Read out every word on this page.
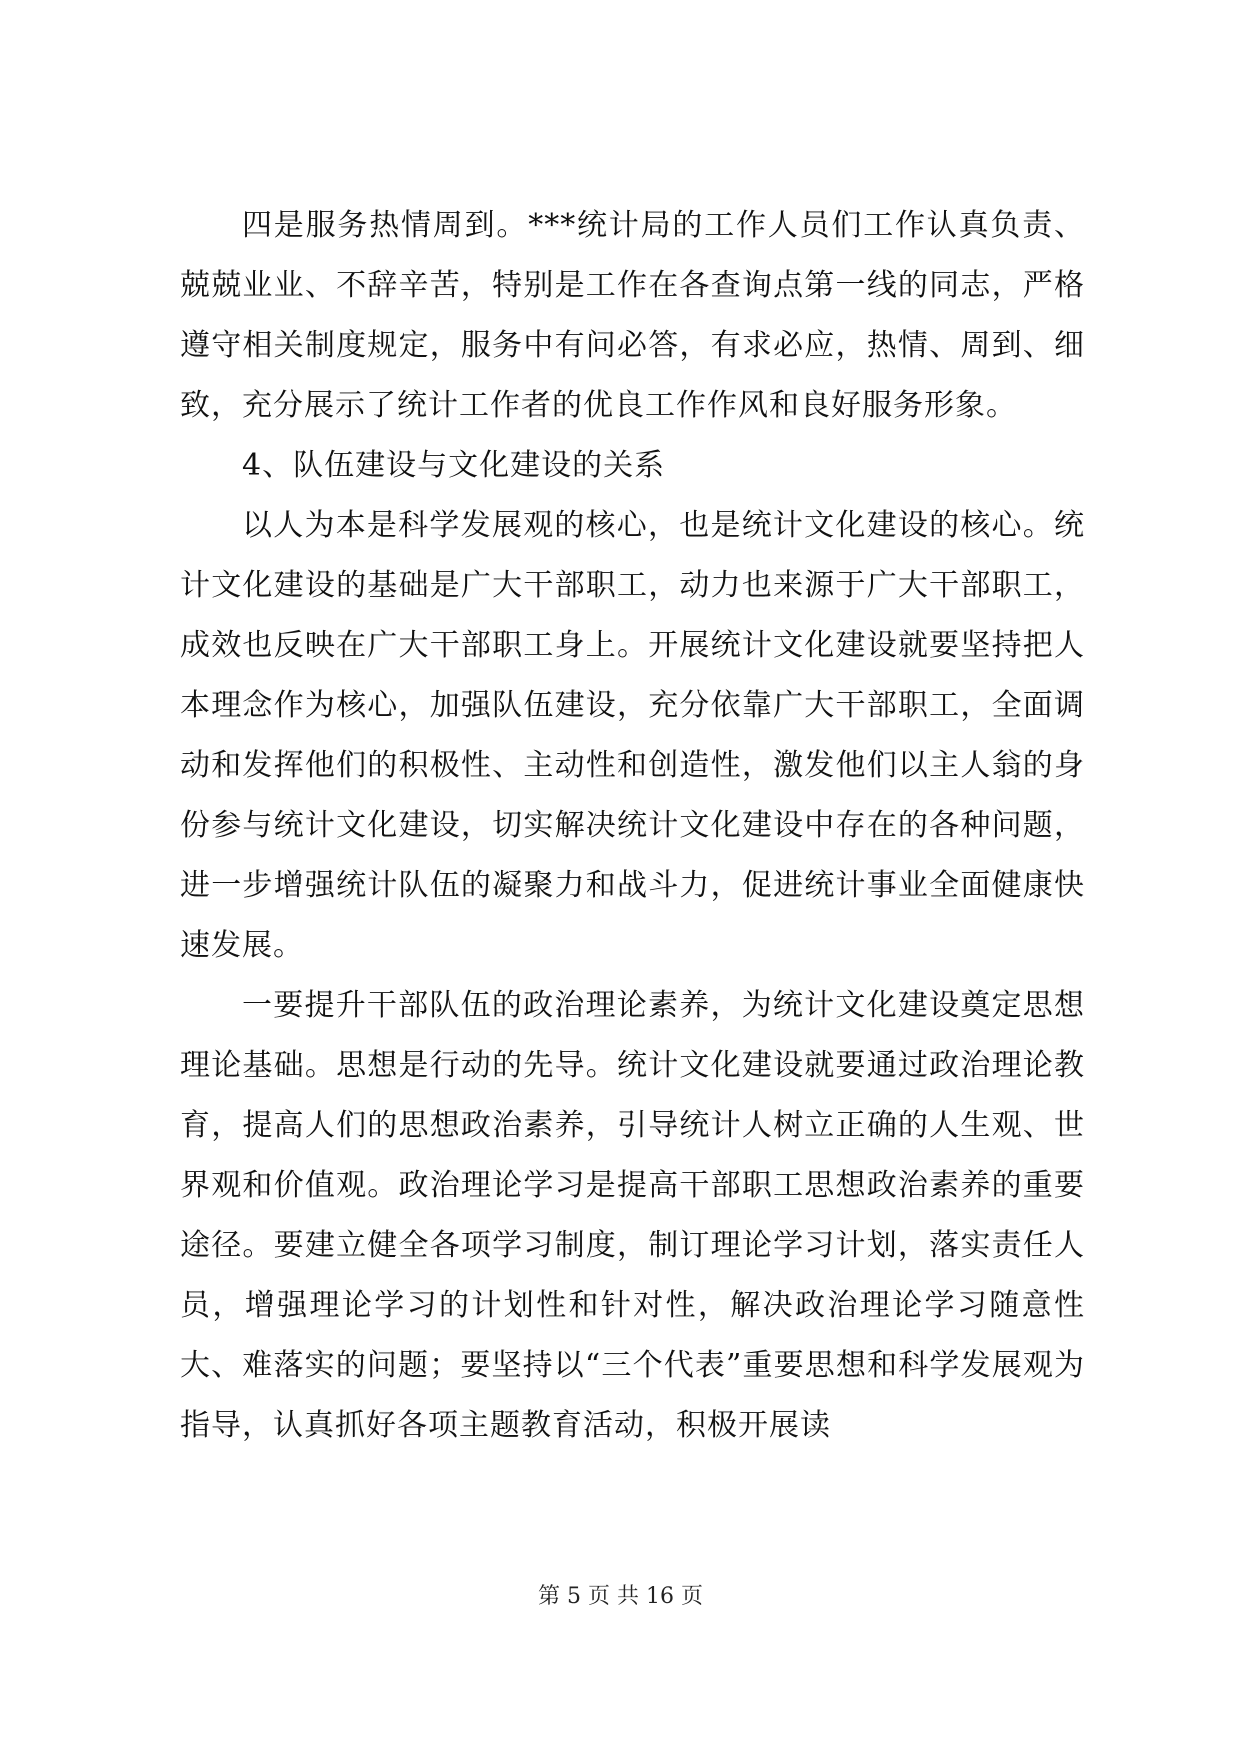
四是服务热情周到。***统计局的工作人员们工作认真负责、兢兢业业、不辞辛苦，特别是工作在各查询点第一线的同志，严格遵守相关制度规定，服务中有问必答，有求必应，热情、周到、细致，充分展示了统计工作者的优良工作作风和良好服务形象。

4、队伍建设与文化建设的关系

以人为本是科学发展观的核心，也是统计文化建设的核心。统计文化建设的基础是广大干部职工，动力也来源于广大干部职工，成效也反映在广大干部职工身上。开展统计文化建设就要坚持把人本理念作为核心，加强队伍建设，充分依靠广大干部职工，全面调动和发挥他们的积极性、主动性和创造性，激发他们以主人翁的身份参与统计文化建设，切实解决统计文化建设中存在的各种问题，进一步增强统计队伍的凝聚力和战斗力，促进统计事业全面健康快速发展。

一要提升干部队伍的政治理论素养，为统计文化建设奠定思想理论基础。思想是行动的先导。统计文化建设就要通过政治理论教育，提高人们的思想政治素养，引导统计人树立正确的人生观、世界观和价值观。政治理论学习是提高干部职工思想政治素养的重要途径。要建立健全各项学习制度，制订理论学习计划，落实责任人员，增强理论学习的计划性和针对性，解决政治理论学习随意性大、难落实的问题；要坚持以“三个代表”重要思想和科学发展观为指导，认真抓好各项主题教育活动，积极开展读

第 5 页 共 16 页
